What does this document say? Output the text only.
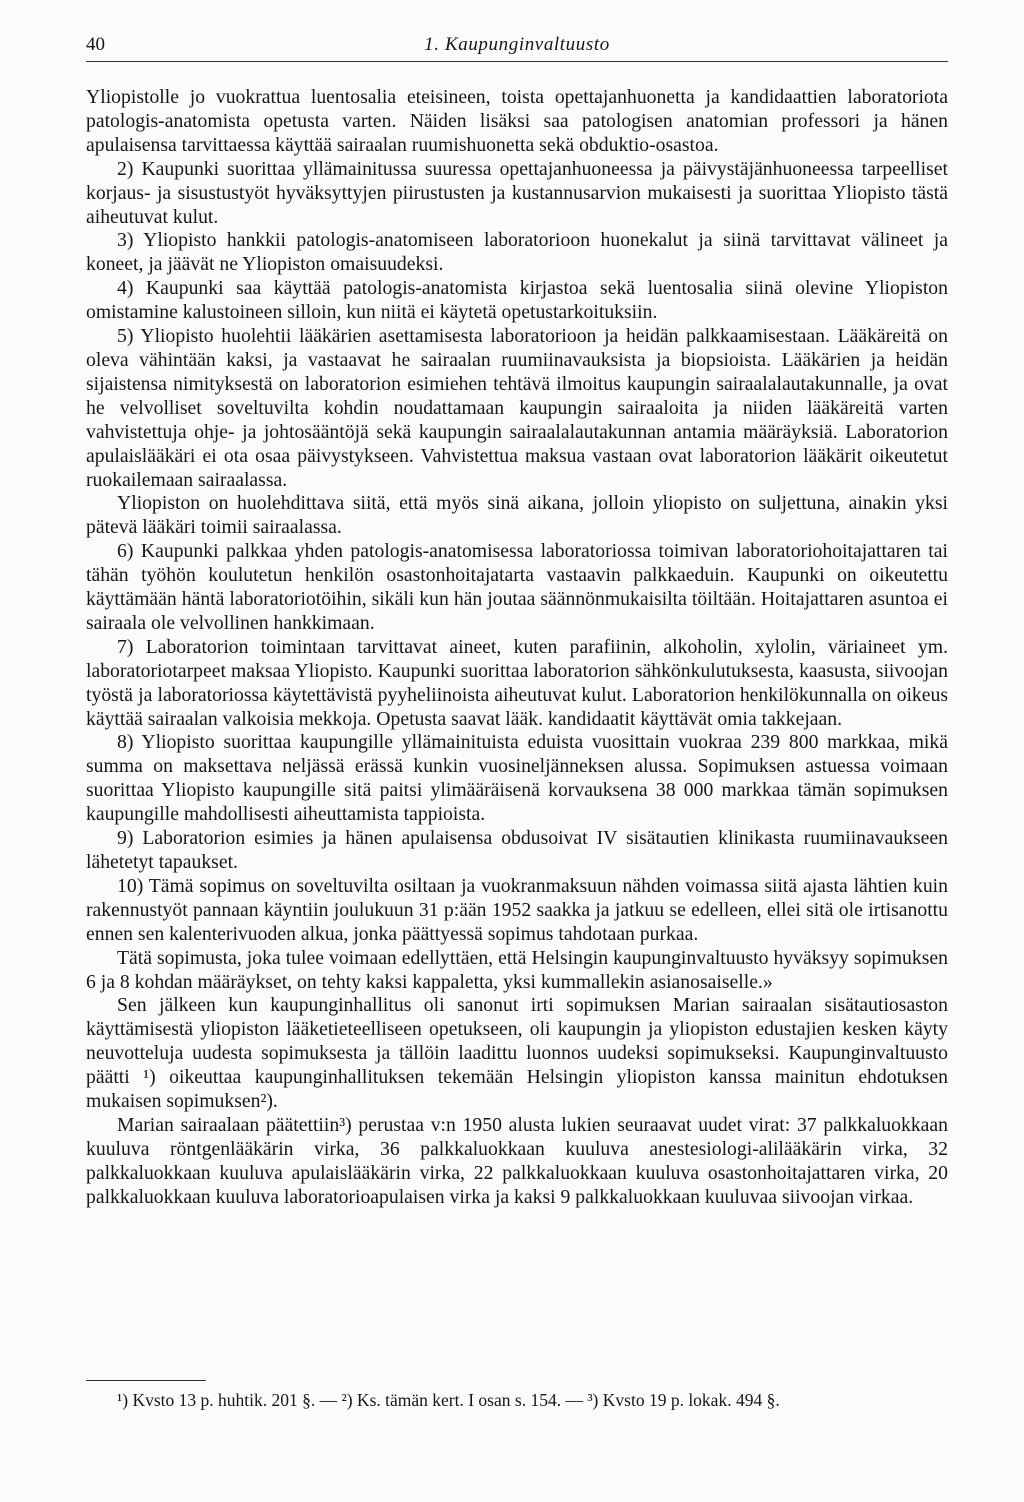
40	1. Kaupunginvaltuusto

Yliopistolle jo vuokrattua luentosalia eteisineen, toista opettajanhuonetta ja kandidaattien laboratoriota patologis-anatomista opetusta varten. Näiden lisäksi saa patologisen anatomian professori ja hänen apulaisensa tarvittaessa käyttää sairaalan ruumishuonetta sekä obduktio-osastoa.

2) Kaupunki suorittaa yllämainitussa suuressa opettajanhuoneessa ja päivystäjänhuoneessa tarpeelliset korjaus- ja sisustustyöt hyväksyttyjen piirustusten ja kustannusarvion mukaisesti ja suorittaa Yliopisto tästä aiheutuvat kulut.

3) Yliopisto hankkii patologis-anatomiseen laboratorioon huonekalut ja siinä tarvittavat välineet ja koneet, ja jäävät ne Yliopiston omaisuudeksi.

4) Kaupunki saa käyttää patologis-anatomista kirjastoa sekä luentosalia siinä olevine Yliopiston omistamine kalustoineen silloin, kun niitä ei käytetä opetustarkoituksiin.

5) Yliopisto huolehtii lääkärien asettamisesta laboratorioon ja heidän palkkaamisestaan. Lääkäreitä on oleva vähintään kaksi, ja vastaavat he sairaalan ruumiinavauksista ja biopsioista. Lääkärien ja heidän sijaistensa nimityksestä on laboratorion esimiehen tehtävä ilmoitus kaupungin sairaalalautakunnalle, ja ovat he velvolliset soveltuvilta kohdin noudattamaan kaupungin sairaaloita ja niiden lääkäreitä varten vahvistettuja ohje- ja johtosääntöjä sekä kaupungin sairaalalautakunnan antamia määräyksiä. Laboratorion apulaislääkäri ei ota osaa päivystykseen. Vahvistettua maksua vastaan ovat laboratorion lääkärit oikeutetut ruokailemaan sairaalassa.

Yliopiston on huolehdittava siitä, että myös sinä aikana, jolloin yliopisto on suljettuna, ainakin yksi pätevä lääkäri toimii sairaalassa.

6) Kaupunki palkkaa yhden patologis-anatomisessa laboratoriossa toimivan laboratoriohoitajattaren tai tähän työhön koulutetun henkilön osastonhoitajatarta vastaavin palkkaeduin. Kaupunki on oikeutettu käyttämään häntä laboratoriotöihin, sikäli kun hän joutaa säännönmukaisilta töiltään. Hoitajattaren asuntoa ei sairaala ole velvollinen hankkimaan.

7) Laboratorion toimintaan tarvittavat aineet, kuten parafiinin, alkoholin, xylolin, väriaineet ym. laboratoriotarpeet maksaa Yliopisto. Kaupunki suorittaa laboratorion sähkönkulutuksesta, kaasusta, siivoojan työstä ja laboratoriossa käytettävistä pyyheliinoista aiheutuvat kulut. Laboratorion henkilökunnalla on oikeus käyttää sairaalan valkoisia mekkoja. Opetusta saavat lääk. kandidaatit käyttävät omia takkejaan.

8) Yliopisto suorittaa kaupungille yllämainituista eduista vuosittain vuokraa 239 800 markkaa, mikä summa on maksettava neljässä erässä kunkin vuosineljänneksen alussa. Sopimuksen astuessa voimaan suorittaa Yliopisto kaupungille sitä paitsi ylimääräisenä korvauksena 38 000 markkaa tämän sopimuksen kaupungille mahdollisesti aiheuttamista tappioista.

9) Laboratorion esimies ja hänen apulaisensa obdusoivat IV sisätautien klinikasta ruumiinavaukseen lähetetyt tapaukset.

10) Tämä sopimus on soveltuvilta osiltaan ja vuokranmaksuun nähden voimassa siitä ajasta lähtien kuin rakennustyöt pannaan käyntiin joulukuun 31 p:ään 1952 saakka ja jatkuu se edelleen, ellei sitä ole irtisanottu ennen sen kalenterivuoden alkua, jonka päättyessä sopimus tahdotaan purkaa.

Tätä sopimusta, joka tulee voimaan edellyttäen, että Helsingin kaupunginvaltuusto hyväksyy sopimuksen 6 ja 8 kohdan määräykset, on tehty kaksi kappaletta, yksi kummallekin asianosaiselle.»

Sen jälkeen kun kaupunginhallitus oli sanonut irti sopimuksen Marian sairaalan sisätautiosaston käyttämisestä yliopiston lääketieteelliseen opetukseen, oli kaupungin ja yliopiston edustajien kesken käyty neuvotteluja uudesta sopimuksesta ja tällöin laadittu luonnos uudeksi sopimukseksi. Kaupunginvaltuusto päätti ¹) oikeuttaa kaupunginhallituksen tekemään Helsingin yliopiston kanssa mainitun ehdotuksen mukaisen sopimuksen²).

Marian sairaalaan päätettiin³) perustaa v:n 1950 alusta lukien seuraavat uudet virat: 37 palkkaluokkaan kuuluva röntgenlääkärin virka, 36 palkkaluokkaan kuuluva anestesiologi-alilääkärin virka, 32 palkkaluokkaan kuuluva apulaislääkärin virka, 22 palkkaluokkaan kuuluva osastonhoitajattaren virka, 20 palkkaluokkaan kuuluva laboratorioapulaisen virka ja kaksi 9 palkkaluokkaan kuuluvaa siivoojan virkaa.

¹) Kvsto 13 p. huhtik. 201 §. — ²) Ks. tämän kert. I osan s. 154. — ³) Kvsto 19 p. lokak. 494 §.
